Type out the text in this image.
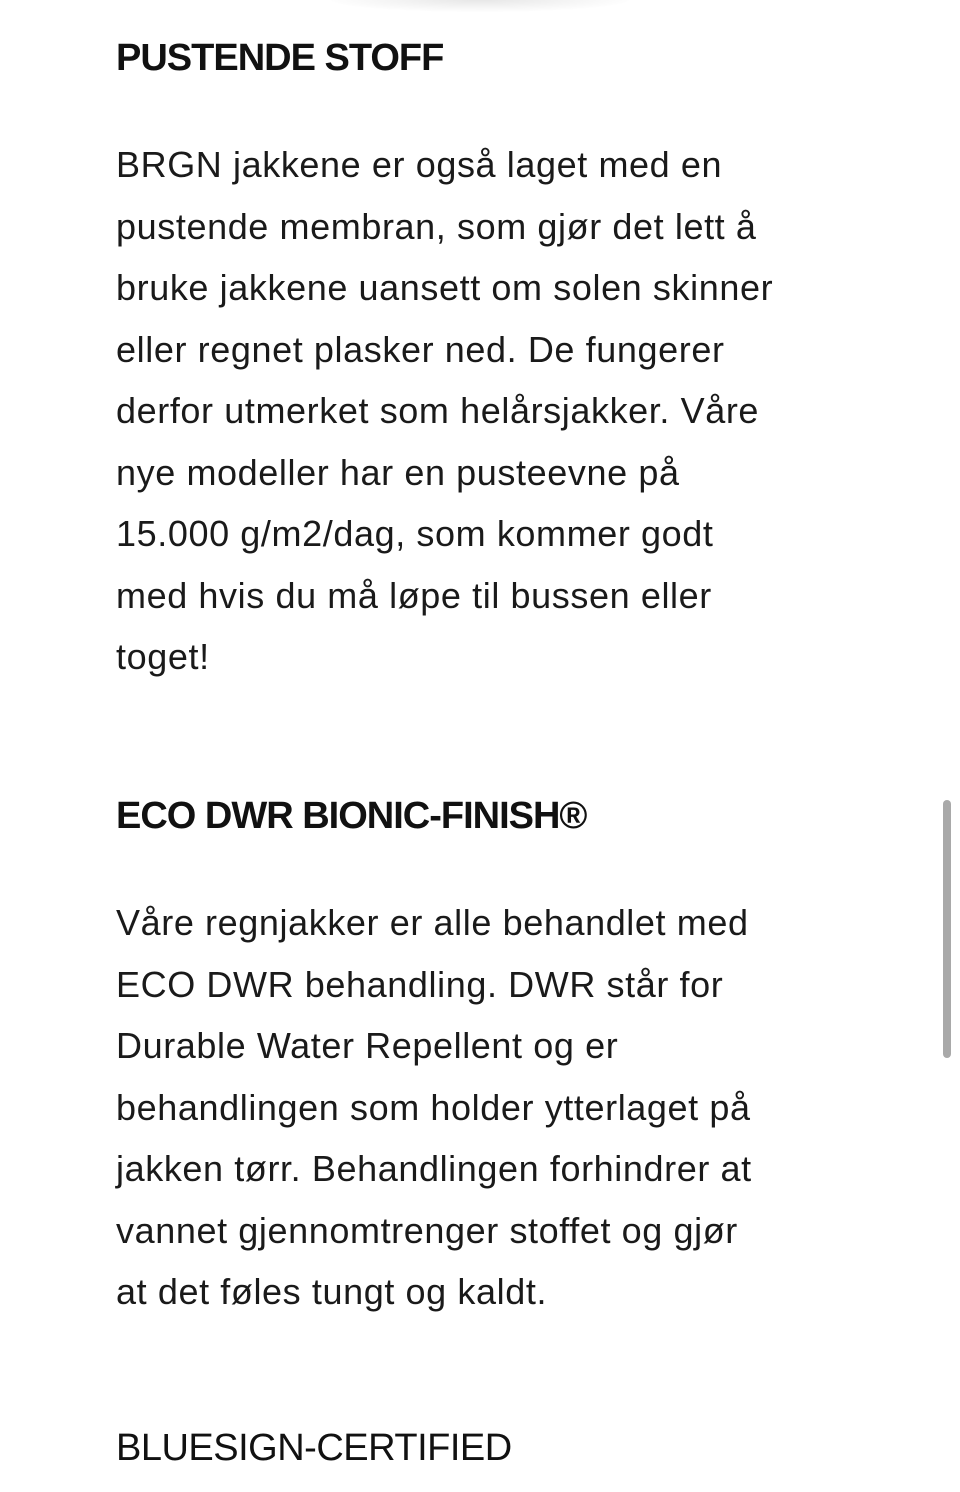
PUSTENDE STOFF
BRGN jakkene er også laget med en
pustende membran, som gjør det lett å
bruke jakkene uansett om solen skinner
eller regnet plasker ned. De fungerer
derfor utmerket som helårsjakker. Våre
nye modeller har en pusteevne på
15.000 g/m2/dag, som kommer godt
med hvis du må løpe til bussen eller
toget!
ECO DWR BIONIC-FINISH®
Våre regnjakker er alle behandlet med
ECO DWR behandling. DWR står for
Durable Water Repellent og er
behandlingen som holder ytterlaget på
jakken tørr. Behandlingen forhindrer at
vannet gjennomtrenger stoffet og gjør
at det føles tungt og kaldt.
BLUESIGN-CERTIFIED
